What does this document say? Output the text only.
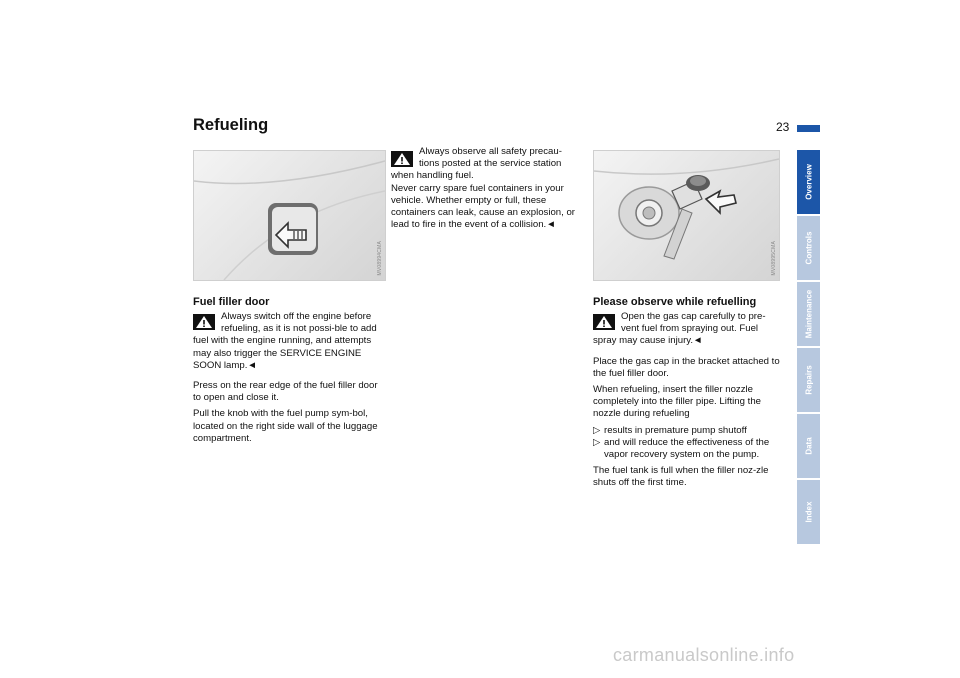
Refueling	23
MV08994CMA
Fuel filler door

Always switch off the engine before refueling, as it is not possi-ble to add fuel with the engine running, and attempts may also trigger the SERVICE ENGINE SOON lamp.◄

Press on the rear edge of the fuel filler door to open and close it.

Pull the knob with the fuel pump sym-bol, located on the right side wall of the luggage compartment.

Always observe all safety precau-tions posted at the service station when handling fuel.
Never carry spare fuel containers in your vehicle. Whether empty or full, these containers can leak, cause an explosion, or lead to fire in the event of a collision.◄

MV08995CMA
Please observe while refuelling

Open the gas cap carefully to pre-vent fuel from spraying out. Fuel spray may cause injury.◄

Place the gas cap in the bracket attached to the fuel filler door.

When refueling, insert the filler nozzle completely into the filler pipe. Lifting the nozzle during refueling

▷ results in premature pump shutoff
▷ and will reduce the effectiveness of the vapor recovery system on the pump.

The fuel tank is full when the filler noz-zle shuts off the first time.

Overview
Controls
Maintenance
Repairs
Data
Index
carmanualsonline.info
